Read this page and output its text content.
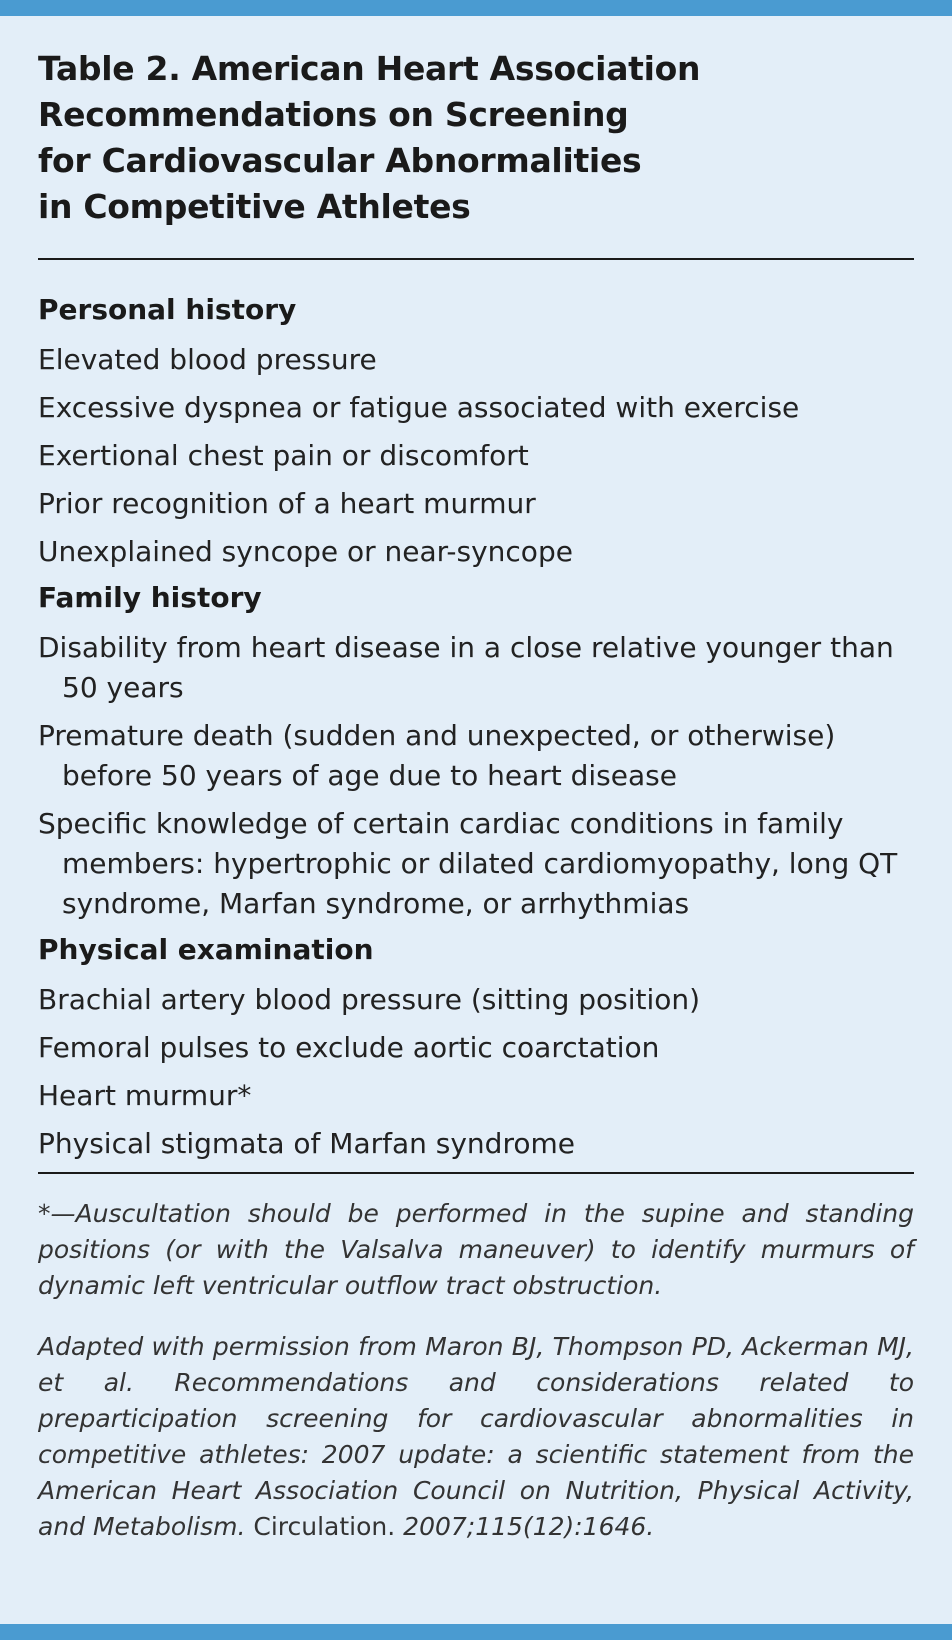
Table 2. American Heart Association
Recommendations on Screening
for Cardiovascular Abnormalities
in Competitive Athletes

Personal history

Elevated blood pressure

Excessive dyspnea or fatigue associated with exercise

Exertional chest pain or discomfort

Prior recognition of a heart murmur

Unexplained syncope or near-syncope

Family history

Disability from heart disease in a close relative younger than 50 years

Premature death (sudden and unexpected, or otherwise) before 50 years of age due to heart disease

Specific knowledge of certain cardiac conditions in family members: hypertrophic or dilated cardiomyopathy, long QT syndrome, Marfan syndrome, or arrhythmias

Physical examination

Brachial artery blood pressure (sitting position)

Femoral pulses to exclude aortic coarctation

Heart murmur*

Physical stigmata of Marfan syndrome

*—Auscultation should be performed in the supine and standing positions (or with the Valsalva maneuver) to identify murmurs of dynamic left ventricular outflow tract obstruction.

Adapted with permission from Maron BJ, Thompson PD, Ackerman MJ, et al. Recommendations and considerations related to preparticipation screening for cardiovascular abnormalities in competitive athletes: 2007 update: a scientific statement from the American Heart Association Council on Nutrition, Physical Activity, and Metabolism. Circulation. 2007;115(12):1646.
